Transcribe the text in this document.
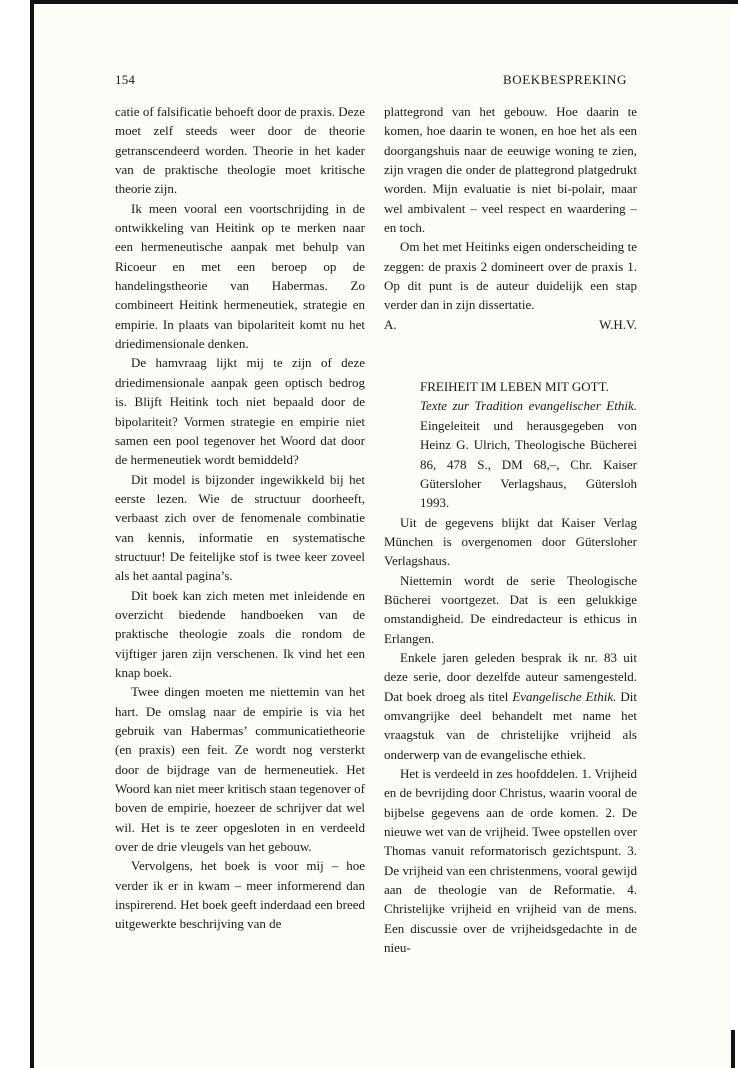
154	BOEKBESPREKING

catie of falsificatie behoeft door de praxis. Deze moet zelf steeds weer door de theorie getranscendeerd worden. Theorie in het kader van de praktische theologie moet kritische theorie zijn.

Ik meen vooral een voortschrijding in de ontwikkeling van Heitink op te merken naar een hermeneutische aanpak met behulp van Ricoeur en met een beroep op de handelingstheorie van Habermas. Zo combineert Heitink hermeneutiek, strategie en empirie. In plaats van bipolariteit komt nu het driedimensionale denken.

De hamvraag lijkt mij te zijn of deze driedimensionale aanpak geen optisch bedrog is. Blijft Heitink toch niet bepaald door de bipolariteit? Vormen strategie en empirie niet samen een pool tegenover het Woord dat door de hermeneutiek wordt bemiddeld?

Dit model is bijzonder ingewikkeld bij het eerste lezen. Wie de structuur doorheeft, verbaast zich over de fenomenale combinatie van kennis, informatie en systematische structuur! De feitelijke stof is twee keer zoveel als het aantal pagina’s.

Dit boek kan zich meten met inleidende en overzicht biedende handboeken van de praktische theologie zoals die rondom de vijftiger jaren zijn verschenen. Ik vind het een knap boek.

Twee dingen moeten me niettemin van het hart. De omslag naar de empirie is via het gebruik van Habermas’ communicatietheorie (en praxis) een feit. Ze wordt nog versterkt door de bijdrage van de hermeneutiek. Het Woord kan niet meer kritisch staan tegenover of boven de empirie, hoezeer de schrijver dat wel wil. Het is te zeer opgesloten in en verdeeld over de drie vleugels van het gebouw.

Vervolgens, het boek is voor mij – hoe verder ik er in kwam – meer informerend dan inspirerend. Het boek geeft inderdaad een breed uitgewerkte beschrijving van de

plattegrond van het gebouw. Hoe daarin te komen, hoe daarin te wonen, en hoe het als een doorgangshuis naar de eeuwige woning te zien, zijn vragen die onder de plattegrond platgedrukt worden. Mijn evaluatie is niet bi-polair, maar wel ambivalent – veel respect en waardering – en toch.

Om het met Heitinks eigen onderscheiding te zeggen: de praxis 2 domineert over de praxis 1. Op dit punt is de auteur duidelijk een stap verder dan in zijn dissertatie.

A.	W.H.V.
FREIHEIT IM LEBEN MIT GOTT.
Texte zur Tradition evangelischer Ethik. Eingeleiteit und herausgegeben von Heinz G. Ulrich, Theologische Bücherei 86, 478 S., DM 68,–, Chr. Kaiser Gütersloher Verlagshaus, Gütersloh 1993.

Uit de gegevens blijkt dat Kaiser Verlag München is overgenomen door Gütersloher Verlagshaus.

Niettemin wordt de serie Theologische Bücherei voortgezet. Dat is een gelukkige omstandigheid. De eindredacteur is ethicus in Erlangen.

Enkele jaren geleden besprak ik nr. 83 uit deze serie, door dezelfde auteur samengesteld. Dat boek droeg als titel Evangelische Ethik. Dit omvangrijke deel behandelt met name het vraagstuk van de christelijke vrijheid als onderwerp van de evangelische ethiek.

Het is verdeeld in zes hoofddelen. 1. Vrijheid en de bevrijding door Christus, waarin vooral de bijbelse gegevens aan de orde komen. 2. De nieuwe wet van de vrijheid. Twee opstellen over Thomas vanuit reformatorisch gezichtspunt. 3. De vrijheid van een christenmens, vooral gewijd aan de theologie van de Reformatie. 4. Christelijke vrijheid en vrijheid van de mens. Een discussie over de vrijheidsgedachte in de nieu-
